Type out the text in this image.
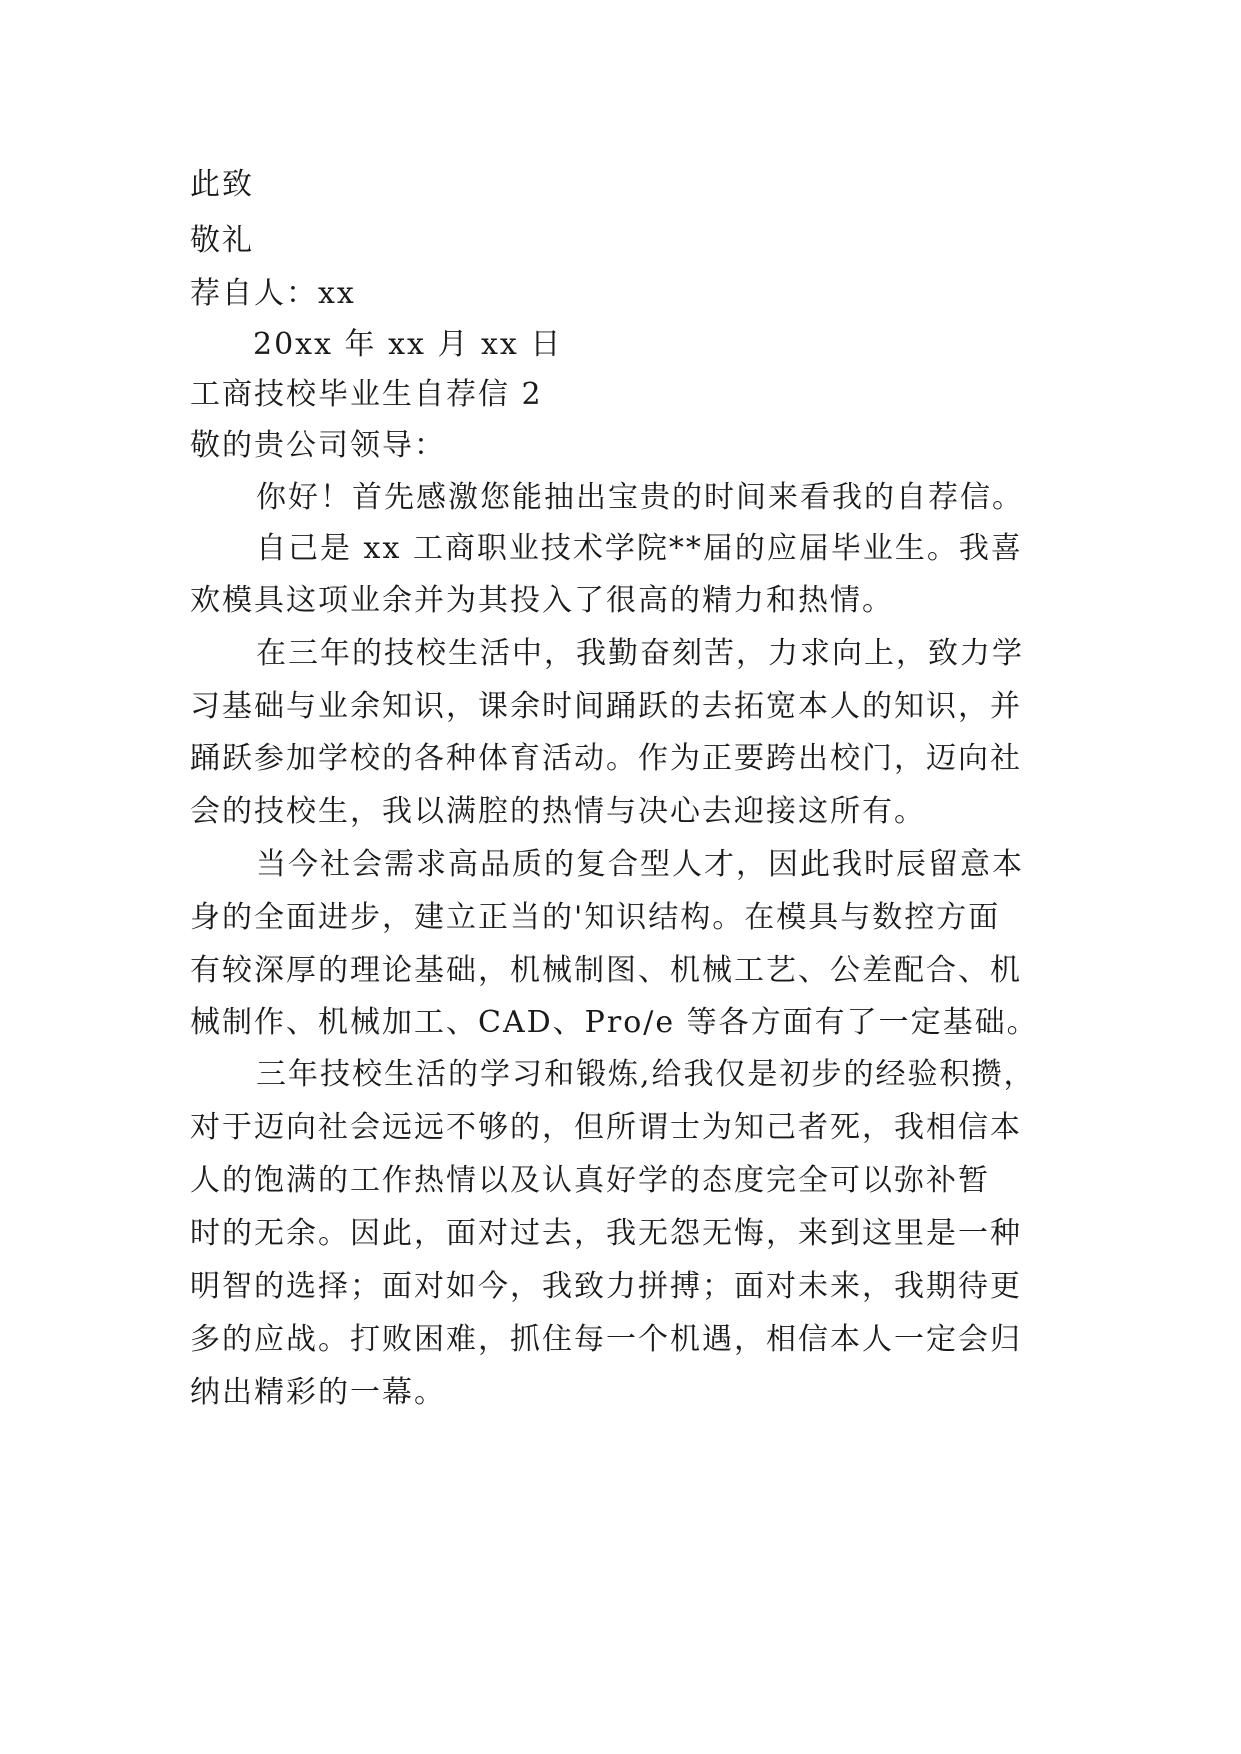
此致
敬礼
荐自人：xx
20xx 年 xx 月 xx 日
工商技校毕业生自荐信 2
敬的贵公司领导：
你好！首先感激您能抽出宝贵的时间来看我的自荐信。
自己是 xx 工商职业技术学院**届的应届毕业生。我喜
欢模具这项业余并为其投入了很高的精力和热情。
在三年的技校生活中，我勤奋刻苦，力求向上，致力学
习基础与业余知识，课余时间踊跃的去拓宽本人的知识，并
踊跃参加学校的各种体育活动。作为正要跨出校门，迈向社
会的技校生，我以满腔的热情与决心去迎接这所有。
当今社会需求高品质的复合型人才，因此我时辰留意本
身的全面进步，建立正当的'知识结构。在模具与数控方面
有较深厚的理论基础，机械制图、机械工艺、公差配合、机
械制作、机械加工、CAD、Pro/e 等各方面有了一定基础。
三年技校生活的学习和锻炼,给我仅是初步的经验积攒，
对于迈向社会远远不够的，但所谓士为知己者死，我相信本
人的饱满的工作热情以及认真好学的态度完全可以弥补暂
时的无余。因此，面对过去，我无怨无悔，来到这里是一种
明智的选择；面对如今，我致力拼搏；面对未来，我期待更
多的应战。打败困难，抓住每一个机遇，相信本人一定会归
纳出精彩的一幕。
